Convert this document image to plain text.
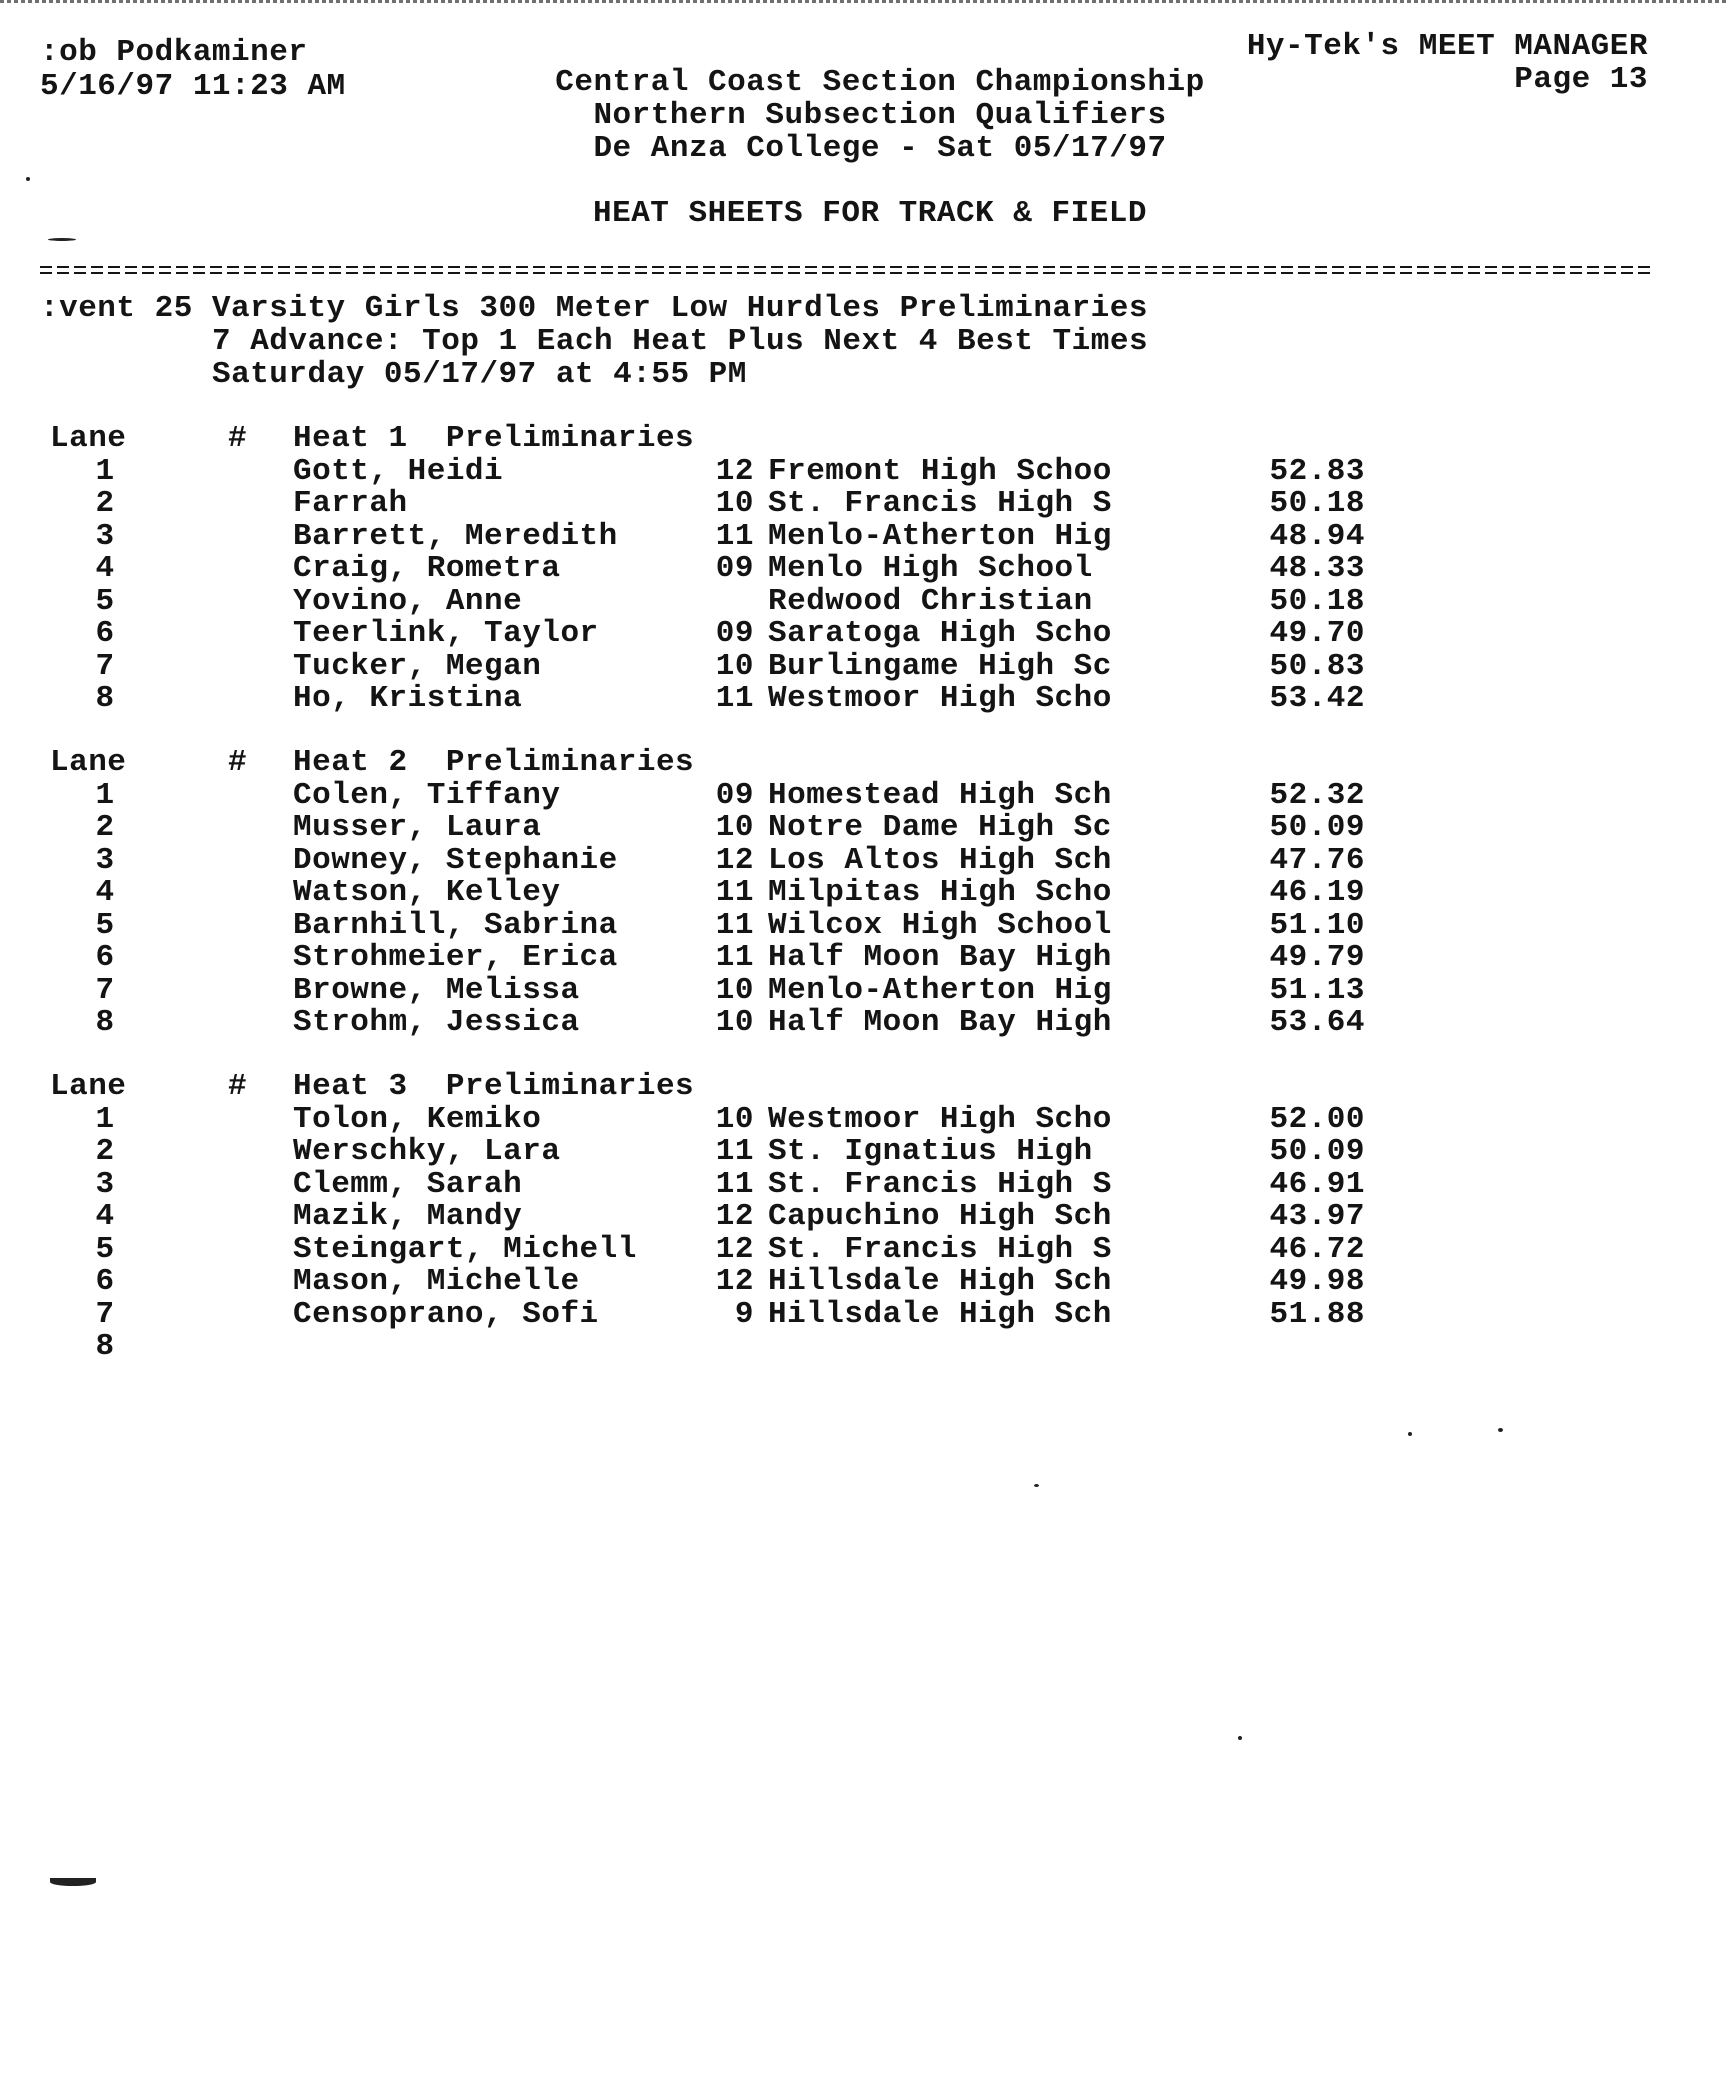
:ob Podkaminer
5/16/97 11:23 AM
Hy-Tek's MEET MANAGER
Page 13
Central Coast Section Championship
Northern Subsection Qualifiers
De Anza College - Sat 05/17/97
HEAT SHEETS FOR TRACK & FIELD
:vent 25 Varsity Girls 300 Meter Low Hurdles Preliminaries
7 Advance: Top 1 Each Heat Plus Next 4 Best Times
Saturday 05/17/97 at 4:55 PM
Lane	# Heat 1  Preliminaries
1	Gott, Heidi	12 Fremont High Schoo	52.83
2	Farrah	10 St. Francis High S	50.18
3	Barrett, Meredith	11 Menlo-Atherton Hig	48.94
4	Craig, Rometra	09 Menlo High School	48.33
5	Yovino, Anne	Redwood Christian	50.18
6	Teerlink, Taylor	09 Saratoga High Scho	49.70
7	Tucker, Megan	10 Burlingame High Sc	50.83
8	Ho, Kristina	11 Westmoor High Scho	53.42
Lane	# Heat 2  Preliminaries
1	Colen, Tiffany	09 Homestead High Sch	52.32
2	Musser, Laura	10 Notre Dame High Sc	50.09
3	Downey, Stephanie	12 Los Altos High Sch	47.76
4	Watson, Kelley	11 Milpitas High Scho	46.19
5	Barnhill, Sabrina	11 Wilcox High School	51.10
6	Strohmeier, Erica	11 Half Moon Bay High	49.79
7	Browne, Melissa	10 Menlo-Atherton Hig	51.13
8	Strohm, Jessica	10 Half Moon Bay High	53.64
Lane	# Heat 3  Preliminaries
1	Tolon, Kemiko	10 Westmoor High Scho	52.00
2	Werschky, Lara	11 St. Ignatius High	50.09
3	Clemm, Sarah	11 St. Francis High S	46.91
4	Mazik, Mandy	12 Capuchino High Sch	43.97
5	Steingart, Michell	12 St. Francis High S	46.72
6	Mason, Michelle	12 Hillsdale High Sch	49.98
7	Censoprano, Sofi	9 Hillsdale High Sch	51.88
8
